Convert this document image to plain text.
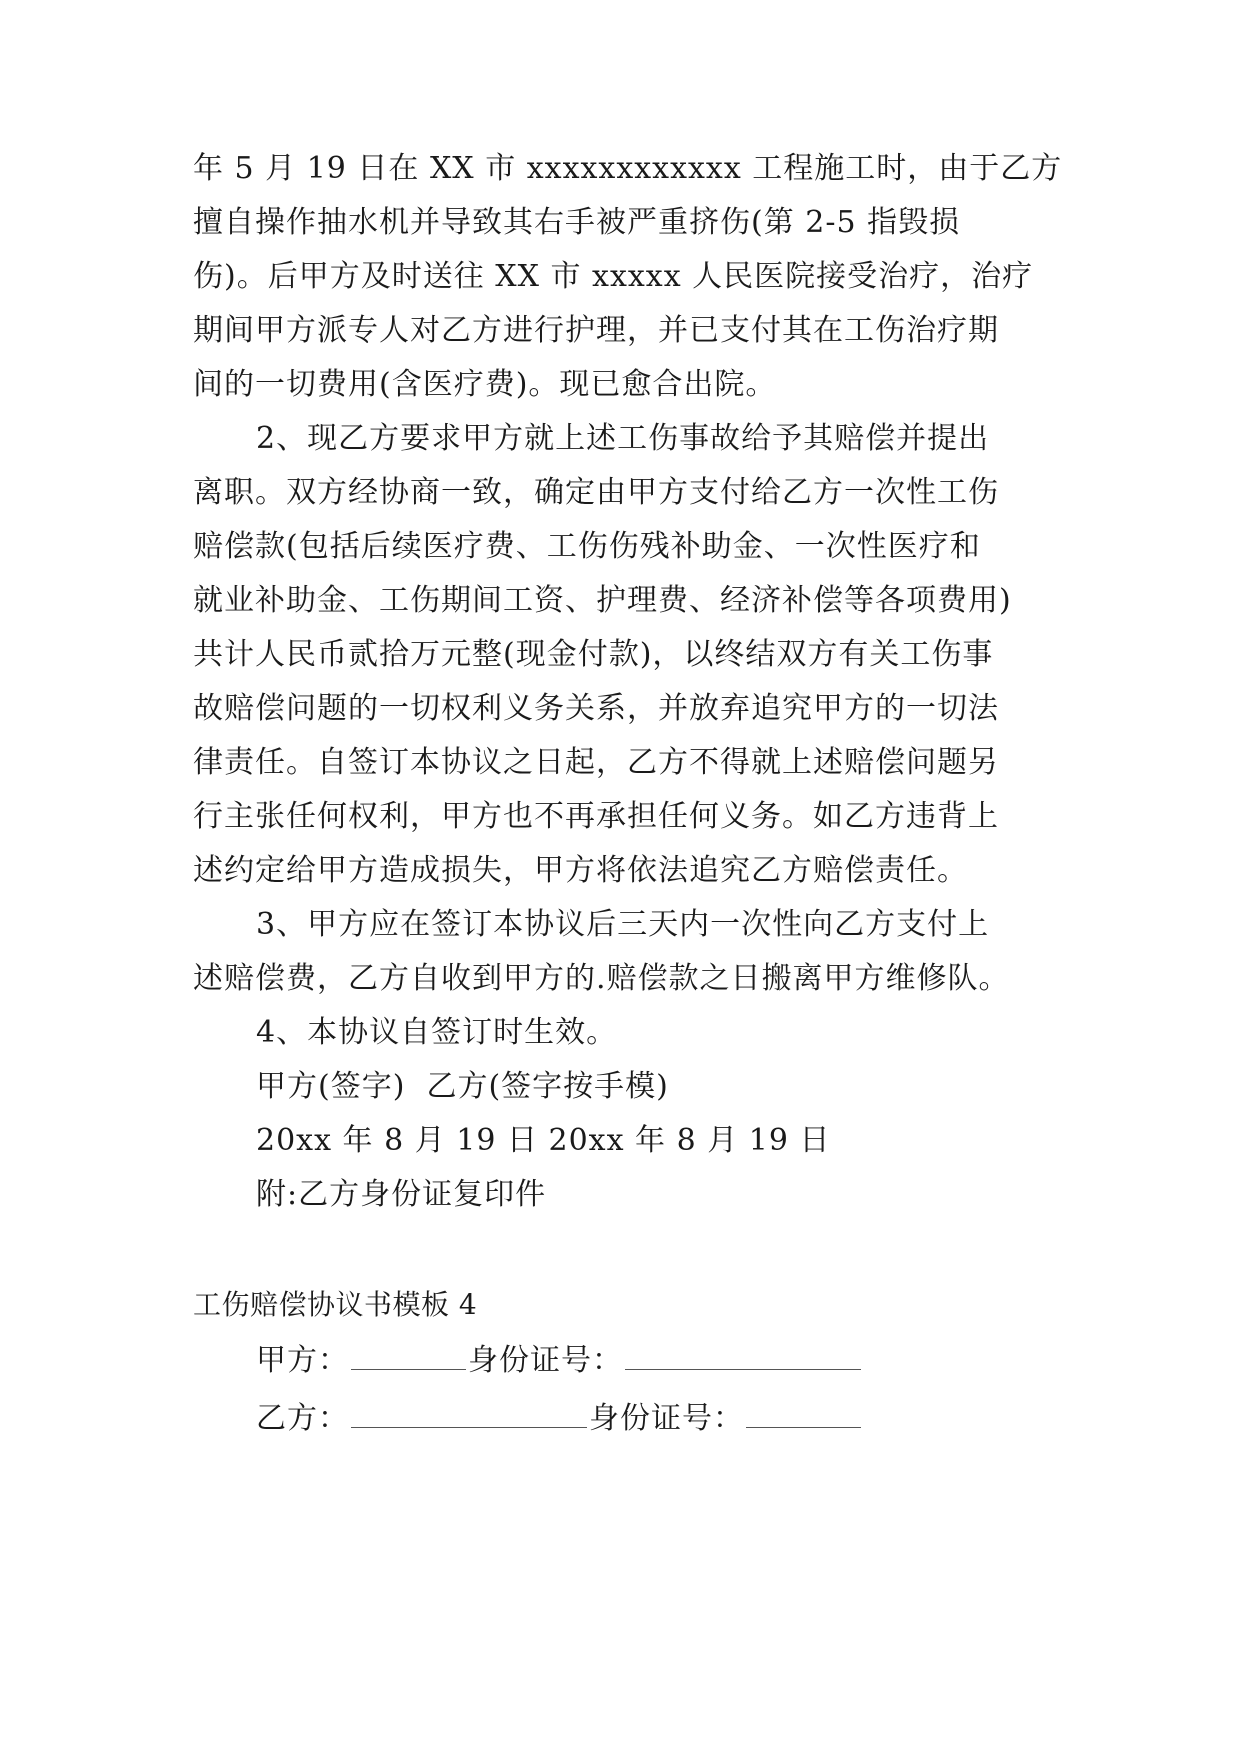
年 5 月 19 日在 XX 市 xxxxxxxxxxxx 工程施工时，由于乙方
擅自操作抽水机并导致其右手被严重挤伤(第 2-5 指毁损
伤)。后甲方及时送往 XX 市 xxxxx 人民医院接受治疗，治疗
期间甲方派专人对乙方进行护理，并已支付其在工伤治疗期
间的一切费用(含医疗费)。现已愈合出院。
2、现乙方要求甲方就上述工伤事故给予其赔偿并提出
离职。双方经协商一致，确定由甲方支付给乙方一次性工伤
赔偿款(包括后续医疗费、工伤伤残补助金、一次性医疗和
就业补助金、工伤期间工资、护理费、经济补偿等各项费用)
共计人民币贰拾万元整(现金付款)，以终结双方有关工伤事
故赔偿问题的一切权利义务关系，并放弃追究甲方的一切法
律责任。自签订本协议之日起，乙方不得就上述赔偿问题另
行主张任何权利，甲方也不再承担任何义务。如乙方违背上
述约定给甲方造成损失，甲方将依法追究乙方赔偿责任。
3、甲方应在签订本协议后三天内一次性向乙方支付上
述赔偿费，乙方自收到甲方的.赔偿款之日搬离甲方维修队。
4、本协议自签订时生效。
甲方(签字)  乙方(签字按手模)
20xx 年 8 月 19 日 20xx 年 8 月 19 日
附:乙方身份证复印件
工伤赔偿协议书模板 4
甲方：	身份证号：
乙方：	身份证号：
